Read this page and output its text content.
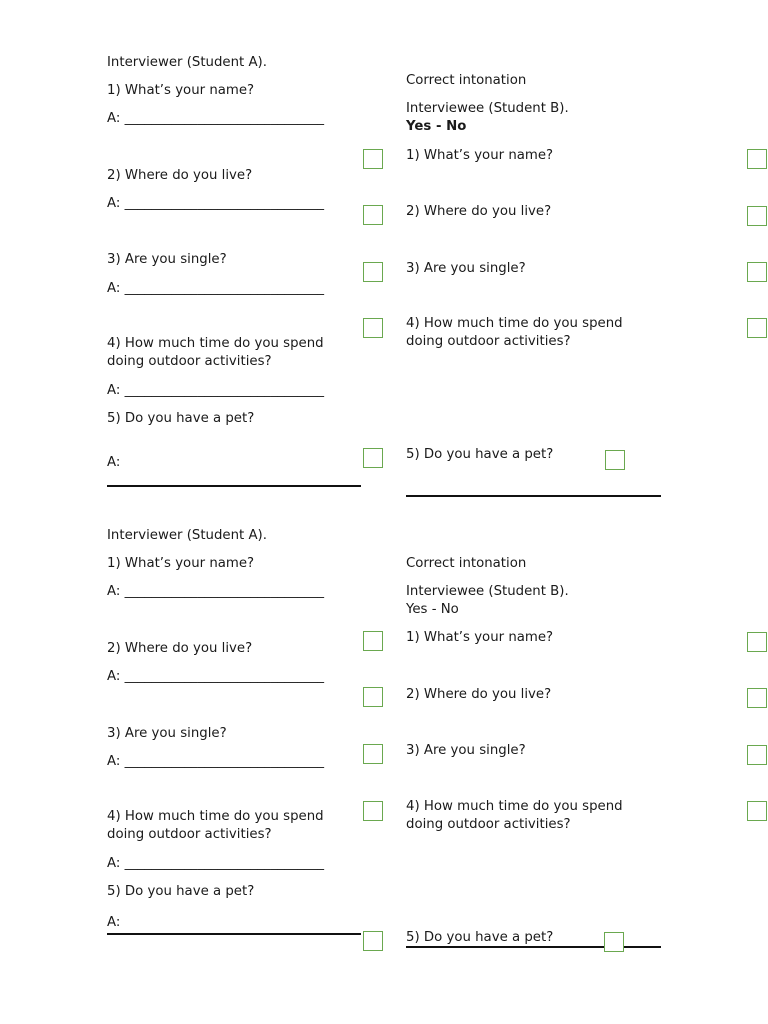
Interviewer (Student A).
1) What’s your name?
A: ______________________________
2) Where do you live?
A: ______________________________
3) Are you single?
A: ______________________________
4) How much time do you spend doing outdoor activities?
A: ______________________________
5) Do you have a pet?
A:
Correct intonation
Interviewee (Student B).
Yes - No
1) What’s your name?
2) Where do you live?
3) Are you single?
4) How much time do you spend doing outdoor activities?
5) Do you have a pet?
Interviewer (Student A).
1) What’s your name?
A: ______________________________
2) Where do you live?
A: ______________________________
3) Are you single?
A: ______________________________
4) How much time do you spend doing outdoor activities?
A: ______________________________
5) Do you have a pet?
A:
Correct intonation
Interviewee (Student B).
Yes - No
1) What’s your name?
2) Where do you live?
3) Are you single?
4) How much time do you spend doing outdoor activities?
5) Do you have a pet?
